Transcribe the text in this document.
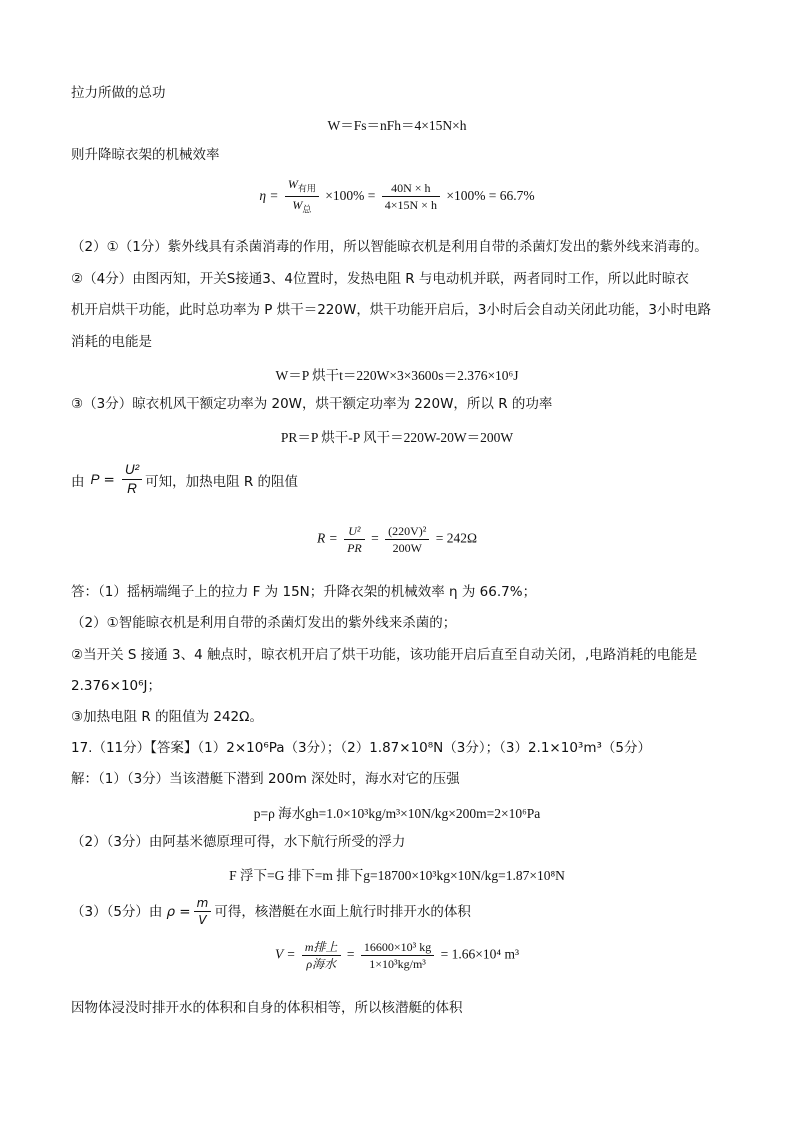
拉力所做的总功
W＝Fs＝nFh＝4×15N×h
则升降晾衣架的机械效率
$\eta = \frac{W_{有用}}{W_总} \times 100\% = \frac{40N \times h}{4\times 15N \times h} \times 100\% = 66.7\%$
（2）①（1分）紫外线具有杀菌消毒的作用，所以智能晾衣机是利用自带的杀菌灯发出的紫外线来消毒的。
②（4分）由图丙知，开关S接通3、4位置时，发热电阻 R 与电动机并联，两者同时工作，所以此时晾衣
机开启烘干功能，此时总功率为 P 烘干＝220W，烘干功能开启后，3小时后会自动关闭此功能，3小时电路
消耗的电能是
W＝P 烘干t＝220W×3×3600s＝2.376×10⁶J
③（3分）晾衣机风干额定功率为 20W，烘干额定功率为 220W，所以 R 的功率
PR＝P 烘干-P 风干＝220W-20W＝200W
由 $P = \frac{\text{U²}}{R}$ 可知，加热电阻 R 的阻值
$R = \frac{\text{U²}}{PR} = \frac{\text{(220V)²}}{200W} = 242\Omega$
答：（1）摇柄端绳子上的拉力 F 为 15N；升降衣架的机械效率 η 为 66.7%；
（2）①智能晾衣机是利用自带的杀菌灯发出的紫外线来杀菌的；
②当开关 S 接通 3、4 触点时，晾衣机开启了烘干功能，该功能开启后直至自动关闭，,电路消耗的电能是
2.376×10⁶J；
③加热电阻 R 的阻值为 242Ω。
17.（11分）【答案】（1）2×10⁶Pa（3分）；（2）1.87×10⁸N（3分）；（3）2.1×10³m³（5分）
解：（1）（3分）当该潜艇下潜到 200m 深处时，海水对它的压强
p=ρ 海水gh=1.0×10³kg/m³×10N/kg×200m=2×10⁶Pa
（2）（3分）由阿基米德原理可得，水下航行所受的浮力
F 浮下=G 排下=m 排下g=18700×10³kg×10N/kg=1.87×10⁸N
（3）（5分）由 $\rho = \frac{m}{V}$ 可得，核潜艇在水面上航行时排开水的体积
$V = \frac{\text{m排上}}{\text{ρ海水}} = \frac{\text{16600×10³ kg}}{\text{1×10³kg/m³}} = 1.66\times 10^4$ m³
因物体浸没时排开水的体积和自身的体积相等，所以核潜艇的体积
